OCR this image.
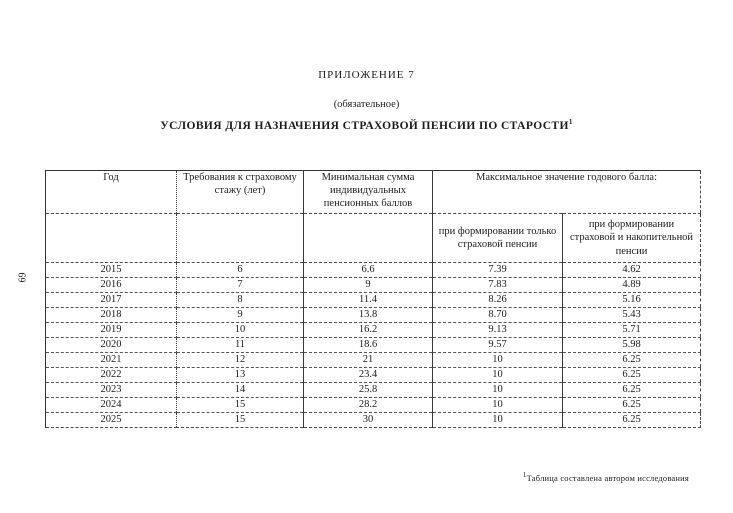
ПРИЛОЖЕНИЕ 7
(обязательное)
УСЛОВИЯ ДЛЯ НАЗНАЧЕНИЯ СТРАХОВОЙ ПЕНСИИ ПО СТАРОСТИ$^1$
69
Год	Требования к страховому стажу (лет)	Минимальная сумма индивидуальных пенсионных баллов	Максимальное значение годового балла:	
			при формировании только страховой пенсии	при формировании страховой и накопительной пенсии
2015	6	6.6	7.39	4.62
2016	7	9	7.83	4.89
2017	8	11.4	8.26	5.16
2018	9	13.8	8.70	5.43
2019	10	16.2	9.13	5.71
2020	11	18.6	9.57	5.98
2021	12	21	10	6.25
2022	13	23.4	10	6.25
2023	14	25.8	10	6.25
2024	15	28.2	10	6.25
2025	15	30	10	6.25
$^1$Таблица составлена автором исследования
